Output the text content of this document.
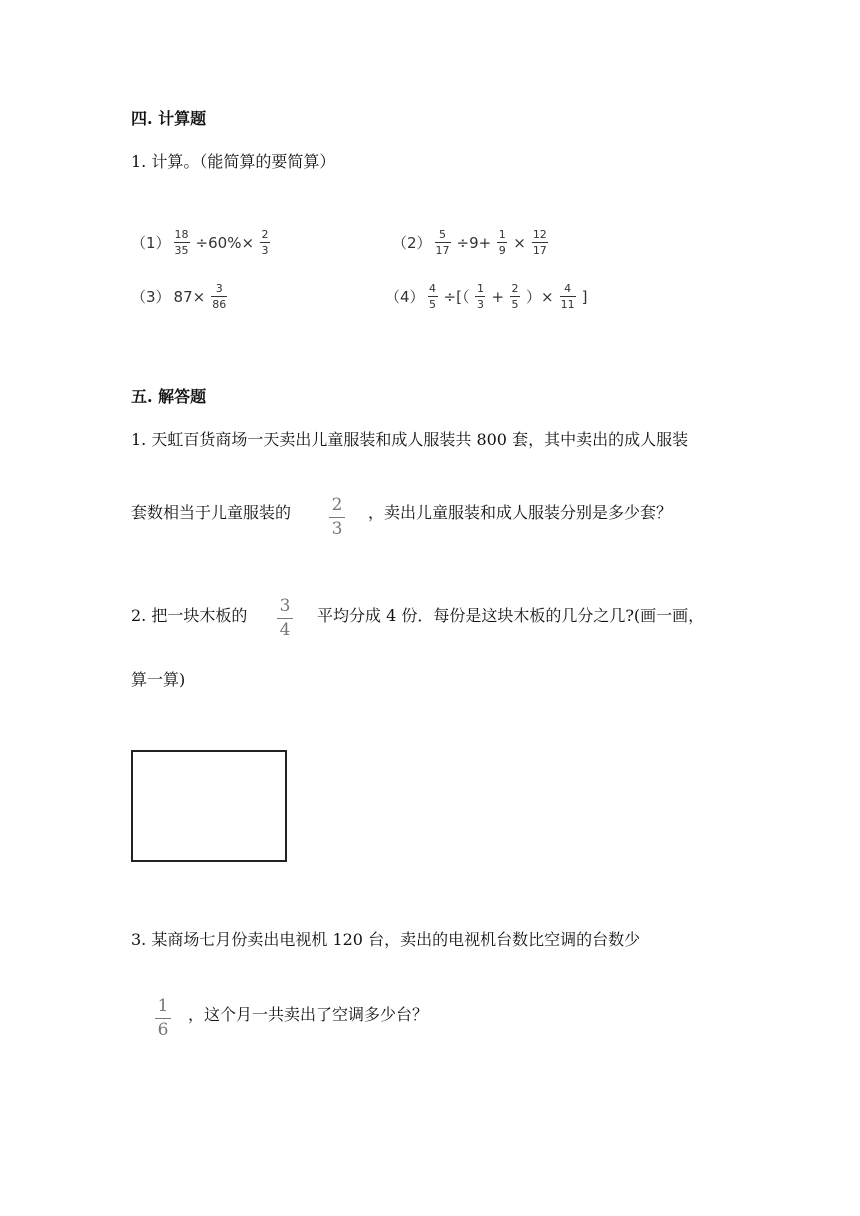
四. 计算题
1. 计算。（能简算的要简算）
$(1) \frac{18}{35} \div 60\%\times \frac{2}{3}$	$(2) \frac{5}{17} \div 9+ \frac{1}{9} \times \frac{12}{17}$
（3） $87\times \frac{3}{86}$	$(4) \frac{4}{5}$ ÷[（ $\frac{1}{3} + \frac{2}{5}$ ）× $\frac{4}{11}$ ]
五. 解答题
1. 天虹百货商场一天卖出儿童服装和成人服装共 800 套，其中卖出的成人服装
套数相当于儿童服装的 2
3
，卖出儿童服装和成人服装分别是多少套？
2. 把一块木板的 3
4
平均分成 4 份．每份是这块木板的几分之几?(画一画，
算一算)
3. 某商场七月份卖出电视机 120 台，卖出的电视机台数比空调的台数少
1
6
，这个月一共卖出了空调多少台？
